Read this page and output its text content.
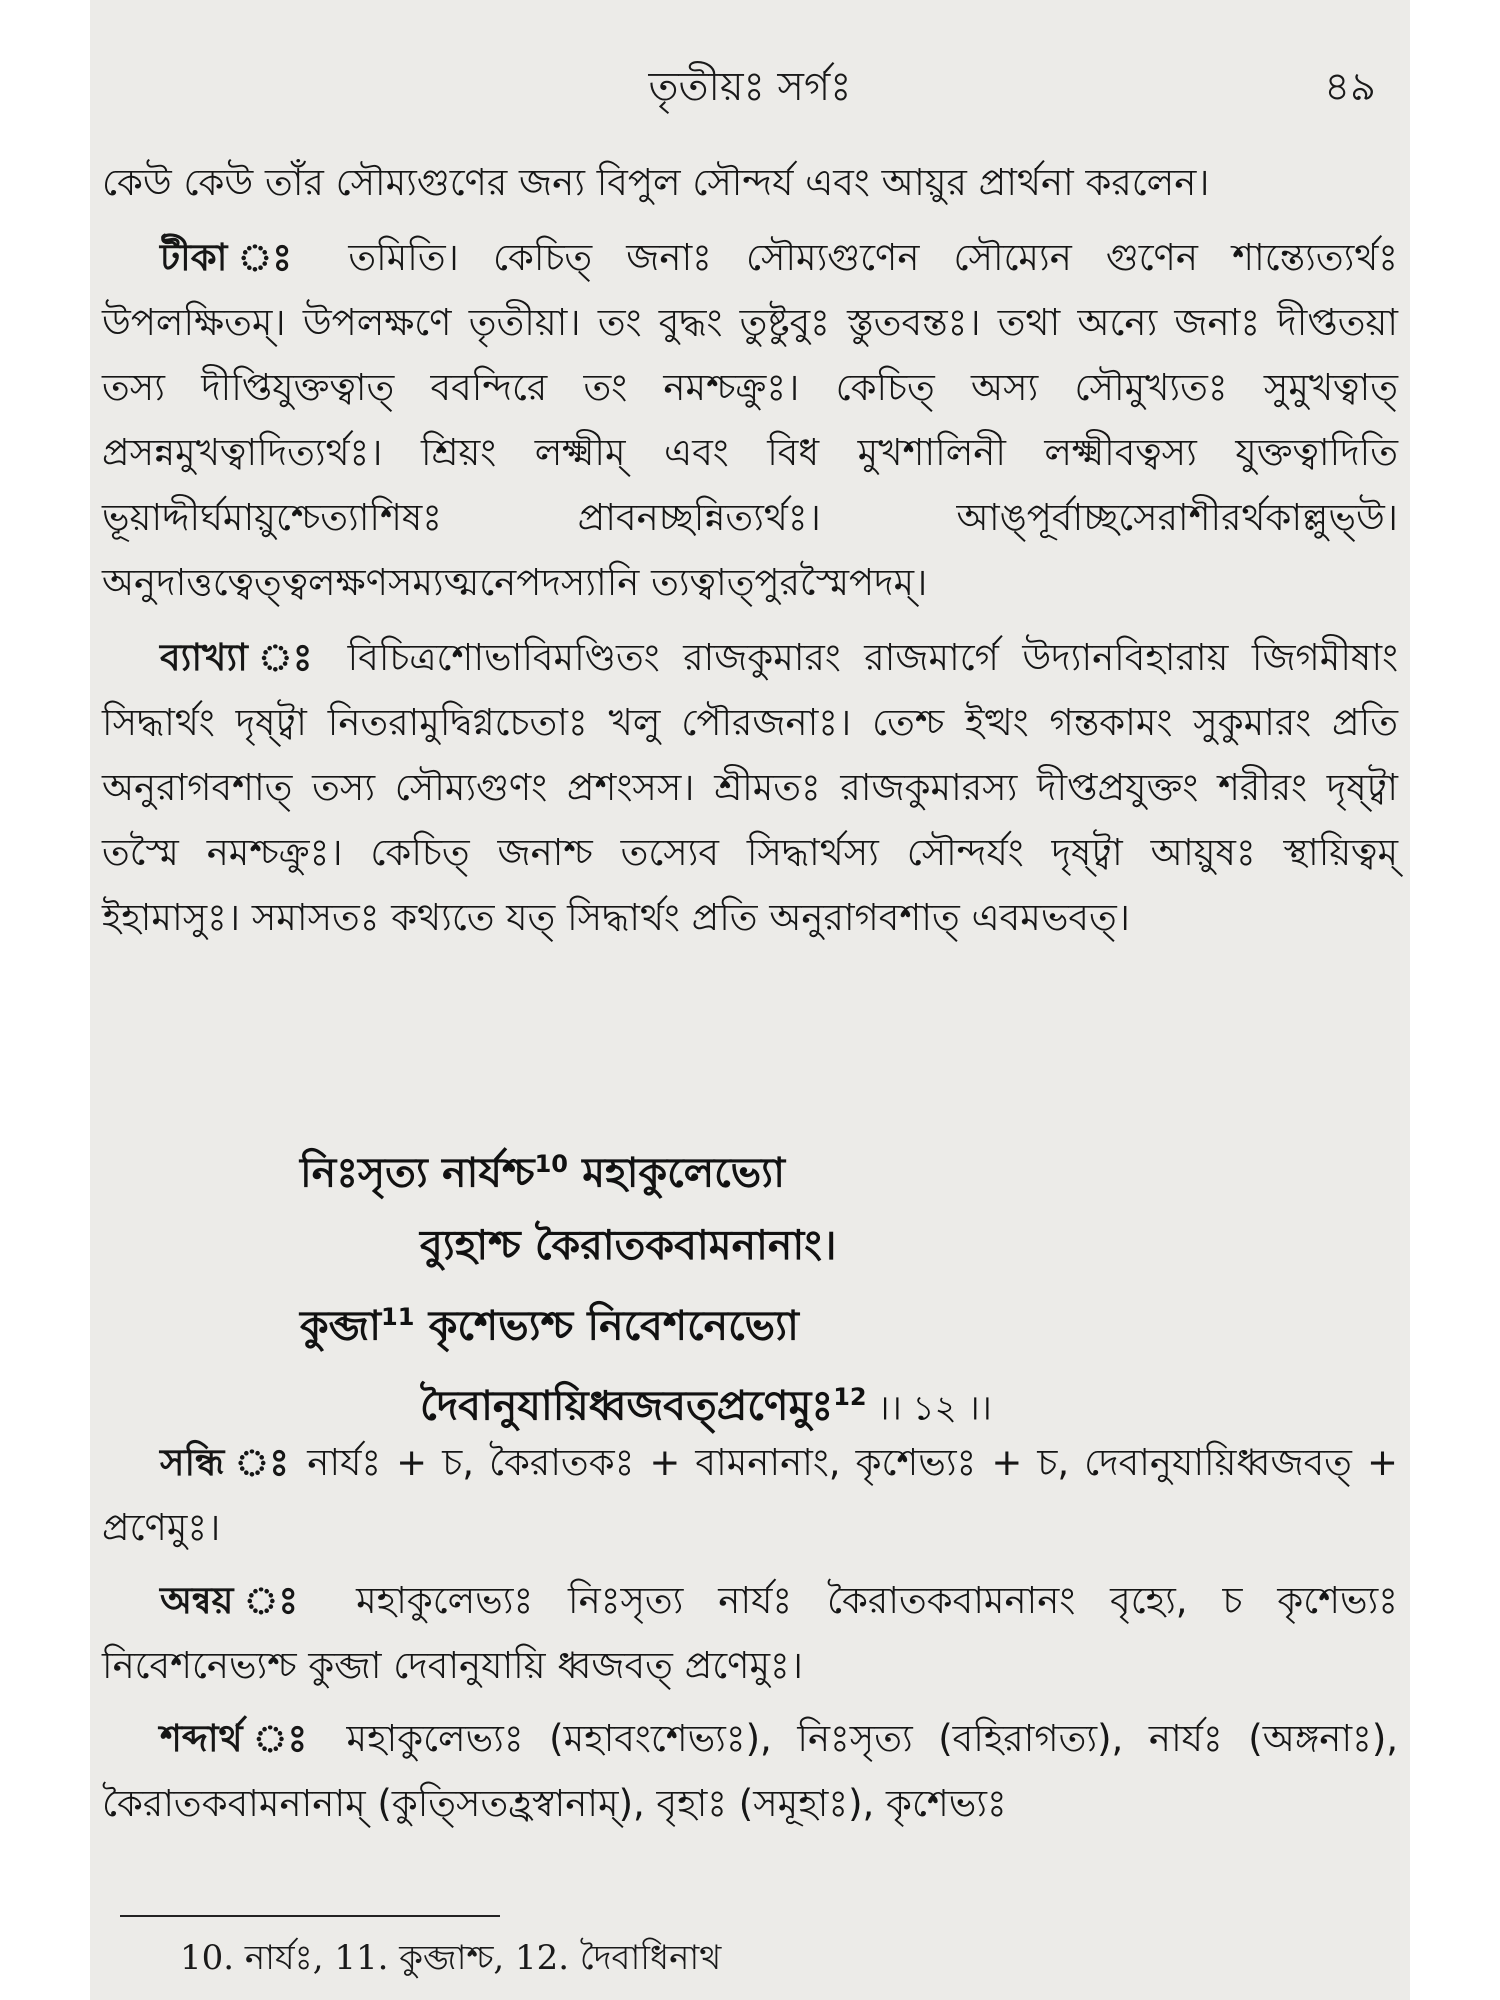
তৃতীয়ঃ সর্গঃ	৪৯

কেউ কেউ তাঁর সৌম্যগুণের জন্য বিপুল সৌন্দর্য এবং আয়ুর প্রার্থনা করলেন।

টীকা ঃ তমিতি। কেচিত্ জনাঃ সৌম্যগুণেন সৌম্যেন গুণেন শান্ত্যেত্যর্থঃ উপলক্ষিতম্। উপলক্ষণে তৃতীয়া। তং বুদ্ধং তুষ্টুবুঃ স্তুতবন্তঃ। তথা অন্যে জনাঃ দীপ্ততয়া তস্য দীপ্তিযুক্তত্বাত্ ববন্দিরে তং নমশ্চক্রুঃ। কেচিত্ অস্য সৌমুখ্যতঃ সুমুখত্বাত্ প্রসন্নমুখত্বাদিত্যর্থঃ। শ্রিয়ং লক্ষ্মীম্ এবং বিধ মুখশালিনী লক্ষ্মীবত্বস্য যুক্তত্বাদিতি ভূয়াদ্দীর্ঘমায়ুশ্চেত্যাশিষঃ প্রাবনচ্ছন্নিত্যর্থঃ। আঙ্পূর্বাচ্ছসেরাশীরর্থকাল্লুভ্উ। অনুদাত্তত্বেত্ত্বলক্ষণসম্যত্মনেপদস্যানি ত্যত্বাত্পুরস্মৈপদম্।

ব্যাখ্যা ঃ বিচিত্রশোভাবিমণ্ডিতং রাজকুমারং রাজমার্গে উদ্যানবিহারায় জিগমীষাং সিদ্ধার্থং দৃষ্ট্বা নিতরামুদ্বিগ্নচেতাঃ খলু পৌরজনাঃ। তেশ্চ ইত্থং গন্তকামং সুকুমারং প্রতি অনুরাগবশাত্ তস্য সৌম্যগুণং প্রশংসস। শ্রীমতঃ রাজকুমারস্য দীপ্তপ্রযুক্তং শরীরং দৃষ্ট্বা তস্মৈ নমশ্চক্রুঃ। কেচিত্ জনাশ্চ তস্যেব সিদ্ধার্থস্য সৌন্দর্যং দৃষ্ট্বা আয়ুষঃ স্থায়িত্বম্ ইহামাসুঃ। সমাসতঃ কথ্যতে যত্ সিদ্ধার্থং প্রতি অনুরাগবশাত্ এবমভবত্।

নিঃসৃত্য নার্যশ্চ$^{10}$ মহাকুলেভ্যো
ব্যুহাশ্চ কৈরাতকবামনানাং।
কুব্জা$^{11}$ কৃশেভ্যশ্চ নিবেশনেভ্যো
দৈবানুযায়িধ্বজবত্প্রণেমুঃ$^{12}$ ।। ১২ ।।

সন্ধি ঃ নার্যঃ + চ, কৈরাতকঃ + বামনানাং, কৃশেভ্যঃ + চ, দেবানুযায়িধ্বজবত্ + প্রণেমুঃ।

অন্বয় ঃ মহাকুলেভ্যঃ নিঃসৃত্য নার্যঃ কৈরাতকবামনানং বৃহ্যে, চ কৃশেভ্যঃ নিবেশনেভ্যশ্চ কুব্জা দেবানুযায়ি ধ্বজবত্ প্রণেমুঃ।

শব্দার্থ ঃ মহাকুলেভ্যঃ (মহাবংশেভ্যঃ), নিঃসৃত্য (বহিরাগত্য), নার্যঃ (অঙ্গনাঃ), কৈরাতকবামনানাম্ (কুত্সিতহ্রস্বানাম্), বৃহাঃ (সমূহাঃ), কৃশেভ্যঃ

10. নার্যঃ, 11. কুব্জাশ্চ, 12. দৈবাধিনাথ
